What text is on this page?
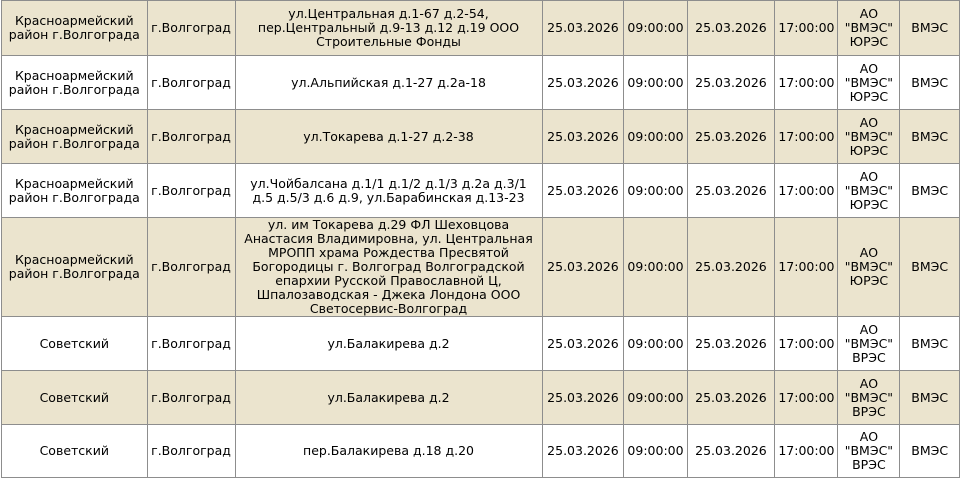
Красноармейский район г.Волгограда	г.Волгоград	ул.Центральная д.1-67 д.2-54, пер.Центральный д.9-13 д.12 д.19 ООО Строительные Фонды	25.03.2026	09:00:00	25.03.2026	17:00:00	АО "ВМЭС" ЮРЭС	ВМЭС
Красноармейский район г.Волгограда	г.Волгоград	ул.Альпийская д.1-27 д.2а-18	25.03.2026	09:00:00	25.03.2026	17:00:00	АО "ВМЭС" ЮРЭС	ВМЭС
Красноармейский район г.Волгограда	г.Волгоград	ул.Токарева д.1-27 д.2-38	25.03.2026	09:00:00	25.03.2026	17:00:00	АО "ВМЭС" ЮРЭС	ВМЭС
Красноармейский район г.Волгограда	г.Волгоград	ул.Чойбалсана д.1/1 д.1/2 д.1/3 д.2а д.3/1 д.5 д.5/3 д.6 д.9, ул.Барабинская д.13-23	25.03.2026	09:00:00	25.03.2026	17:00:00	АО "ВМЭС" ЮРЭС	ВМЭС
Красноармейский район г.Волгограда	г.Волгоград	ул. им Токарева д.29 ФЛ Шеховцова Анастасия Владимировна, ул. Центральная МРОПП храма Рождества Пресвятой Богородицы г. Волгоград Волгоградской епархии Русской Православной Ц, Шпалозаводская - Джека Лондона ООО Светосервис-Волгоград	25.03.2026	09:00:00	25.03.2026	17:00:00	АО "ВМЭС" ЮРЭС	ВМЭС
Советский	г.Волгоград	ул.Балакирева д.2	25.03.2026	09:00:00	25.03.2026	17:00:00	АО "ВМЭС" ВРЭС	ВМЭС
Советский	г.Волгоград	ул.Балакирева д.2	25.03.2026	09:00:00	25.03.2026	17:00:00	АО "ВМЭС" ВРЭС	ВМЭС
Советский	г.Волгоград	пер.Балакирева д.18 д.20	25.03.2026	09:00:00	25.03.2026	17:00:00	АО "ВМЭС" ВРЭС	ВМЭС
